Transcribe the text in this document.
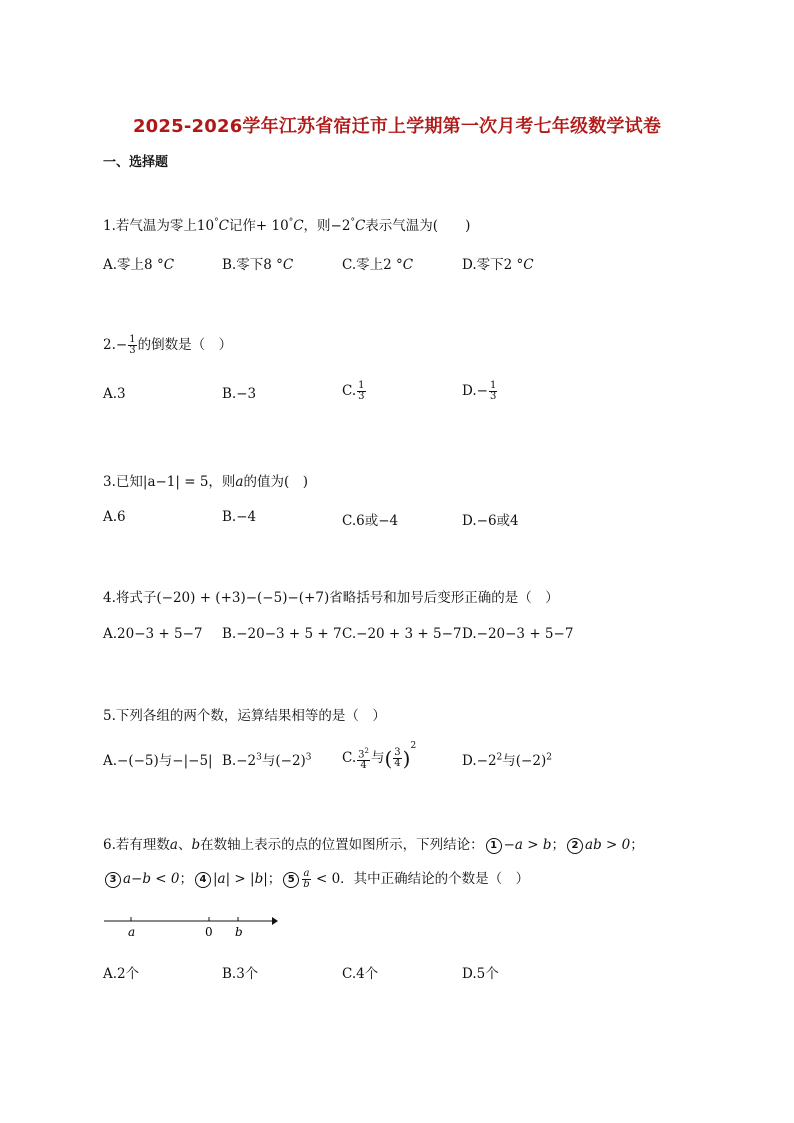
2025-2026学年江苏省宿迁市上学期第一次月考七年级数学试卷
一、选择题
1.若气温为零上10°C记作+ 10°C，则−2°C表示气温为(　　)
A.零上8 °C	B.零下8 °C	C.零上2 °C	D.零下2 °C
$2.- \frac{1}{3}$ 的倒数是（　）
A.3	B.−3	C. $\frac{1}{3}$	$D.- \frac{1}{3}$
3.已知|a−1| = 5，则a的值为(　)
A.6	B.−4	C.6或−4	D.−6或4
4.将式子(−20) + (+3)−(−5)−(+7)省略括号和加号后变形正确的是（　）
A.20−3 + 5−7 B.−20−3 + 5 + 7 C.−20 + 3 + 5−7 D.−20−3 + 5−7
5.下列各组的两个数，运算结果相等的是（　）
A.−(−5)与−|−5| $B.-2^3$与$(-2)^3$ C. $\frac{3^2}{4}$ 与( $\frac{3}{4} )^2$
$D.-2^2$与$(-2)^2$
6.若有理数a、b在数轴上表示的点的位置如图所示，下列结论： 1 −a > b； 2 ab > 0；
3 a−b < 0； 4 |a| > |b|； $5 \frac{a}{b} < 0$．其中正确结论的个数是（　）
a	0 b
A.2个	B.3个	C.4个	D.5个
